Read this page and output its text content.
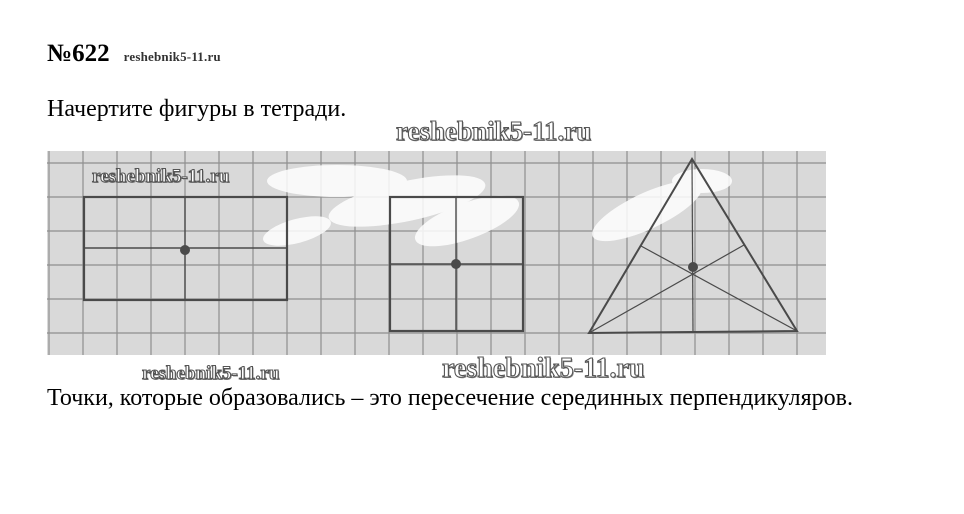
№622 reshebnik5-11.ru
Начертите фигуры в тетради.
reshebnik5-11.ru
reshebnik5-11.ru
reshebnik5-11.ru	reshebnik5-11.ru
Точки, которые образовались – это пересечение серединных перпендикуляров.
